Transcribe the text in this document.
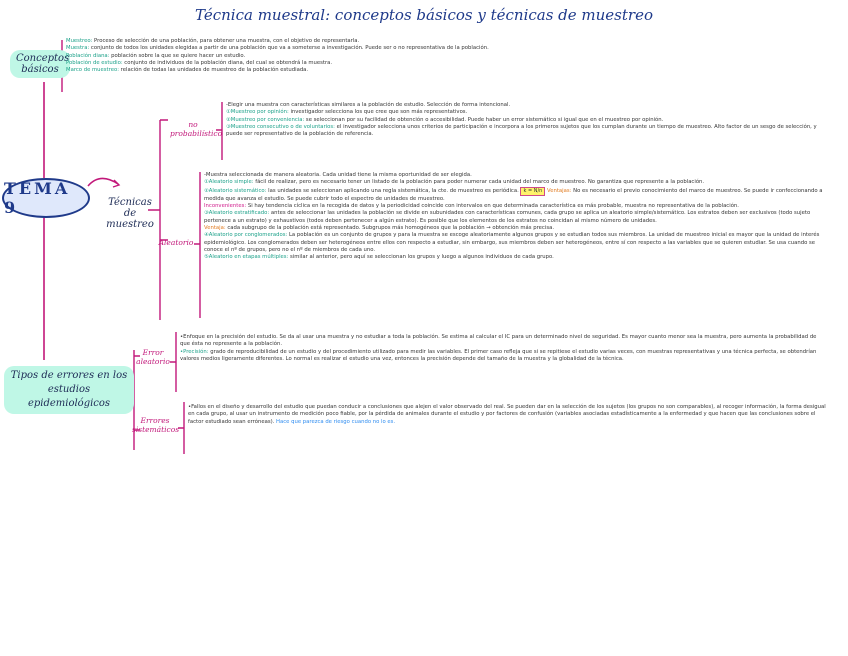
Técnica muestral: conceptos básicos y técnicas de muestreo
Conceptos básicos
TEMA 9	Técnicas de muestreo
Tipos de errores en los estudios epidemiológicos
no probabilístico
Aleatorio
Error aleatorio
Errores sistemáticos
Muestreo: Proceso de selección de una población, para obtener una muestra, con el objetivo de representarla.
Muestra: conjunto de todos los unidades elegidas a partir de una población que va a someterse a investigación. Puede ser o no representativa de la población.
Población diana: población sobre la que se quiere hacer un estudio.
Población de estudio: conjunto de individuos de la población diana, del cual se obtendrá la muestra.
Marco de muestreo: relación de todas las unidades de muestreo de la población estudiada.
-Elegir una muestra con características similares a la población de estudio. Selección de forma intencional.
①Muestreo por opinión: investigador selecciona los que cree que son más representativos.
②Muestreo por conveniencia: se seleccionan por su facilidad de obtención o accesibilidad. Puede haber un error sistemático si igual que en el muestreo por opinión.
③Muestreo consecutivo o de voluntarios: el investigador selecciona unos criterios de participación e incorpora a los primeros sujetos que los cumplan durante un tiempo de muestreo. Alto factor de un sesgo de selección, y puede ser representativo de la población de referencia.
-Muestra seleccionada de manera aleatoria. Cada unidad tiene la misma oportunidad de ser elegida.
①Aleatorio simple: fácil de realizar, pero es necesario tener un listado de la población para poder numerar cada unidad del marco de muestreo. No garantiza que represente a la población.
②Aleatorio sistemático: las unidades se seleccionan aplicando una regla sistemática, la cte. de muestreo es periódica. k = N/n Ventajas: No es necesario el previo conocimiento del marco de muestreo. Se puede ir confeccionando a medida que avanza el estudio. Se puede cubrir todo el espectro de unidades de muestreo.
Inconvenientes: Si hay tendencia cíclica en la recogida de datos y la periodicidad coincide con intervalos en que determinada característica es más probable, muestra no representativa de la población.
③Aleatorio estratificado: antes de seleccionar las unidades la población se divide en subunidades con características comunes, cada grupo se aplica un aleatorio simple/sistemático. Los estratos deben ser exclusivos (todo sujeto pertenece a un estrato) y exhaustivos (todos deben pertenecer a algún estrato). Es posible que los elementos de los estratos no coincidan al mismo número de unidades.
Ventaja: cada subgrupo de la población está representado. Subgrupos más homogéneos que la población → obtención más precisa.
④Aleatorio por conglomerados: La población es un conjunto de grupos y para la muestra se escoge aleatoriamente algunos grupos y se estudian todos sus miembros. La unidad de muestreo inicial es mayor que la unidad de interés epidemiológico. Los conglomerados deben ser heterogéneos entre ellos con respecto a estudiar, sin embargo, sus miembros deben ser heterogéneos, entre sí con respecto a las variables que se quieren estudiar. Se usa cuando se conoce el nº de grupos, pero no el nº de miembros de cada uno.
⑤Aleatorio en etapas múltiples: similar al anterior, pero aquí se seleccionan los grupos y luego a algunos individuos de cada grupo.
•Enfoque en la precisión del estudio. Se da al usar una muestra y no estudiar a toda la población. Se estima al calcular el IC para un determinado nivel de seguridad. Es mayor cuanto menor sea la muestra, pero aumenta la probabilidad de que ésta no represente a la población.
•Precisión: grado de reproducibilidad de un estudio y del procedimiento utilizado para medir las variables. El primer caso refleja que si se repitiese el estudio varias veces, con muestras representativas y una técnica perfecta, se obtendrían valores medios ligeramente diferentes. Lo normal es realizar el estudio una vez, entonces la precisión depende del tamaño de la muestra y la globalidad de la técnica.
•Fallos en el diseño y desarrollo del estudio que puedan conducir a conclusiones que alejen el valor observado del real. Se pueden dar en la selección de los sujetos (los grupos no son comparables), al recoger información, la forma desigual en cada grupo, al usar un instrumento de medición poco fiable, por la pérdida de animales durante el estudio y por factores de confusión (variables asociadas estadísticamente a la enfermedad y que hacen que las conclusiones sobre el factor estudiado sean erróneas). Hace que parezca de riesgo cuando no lo es.
